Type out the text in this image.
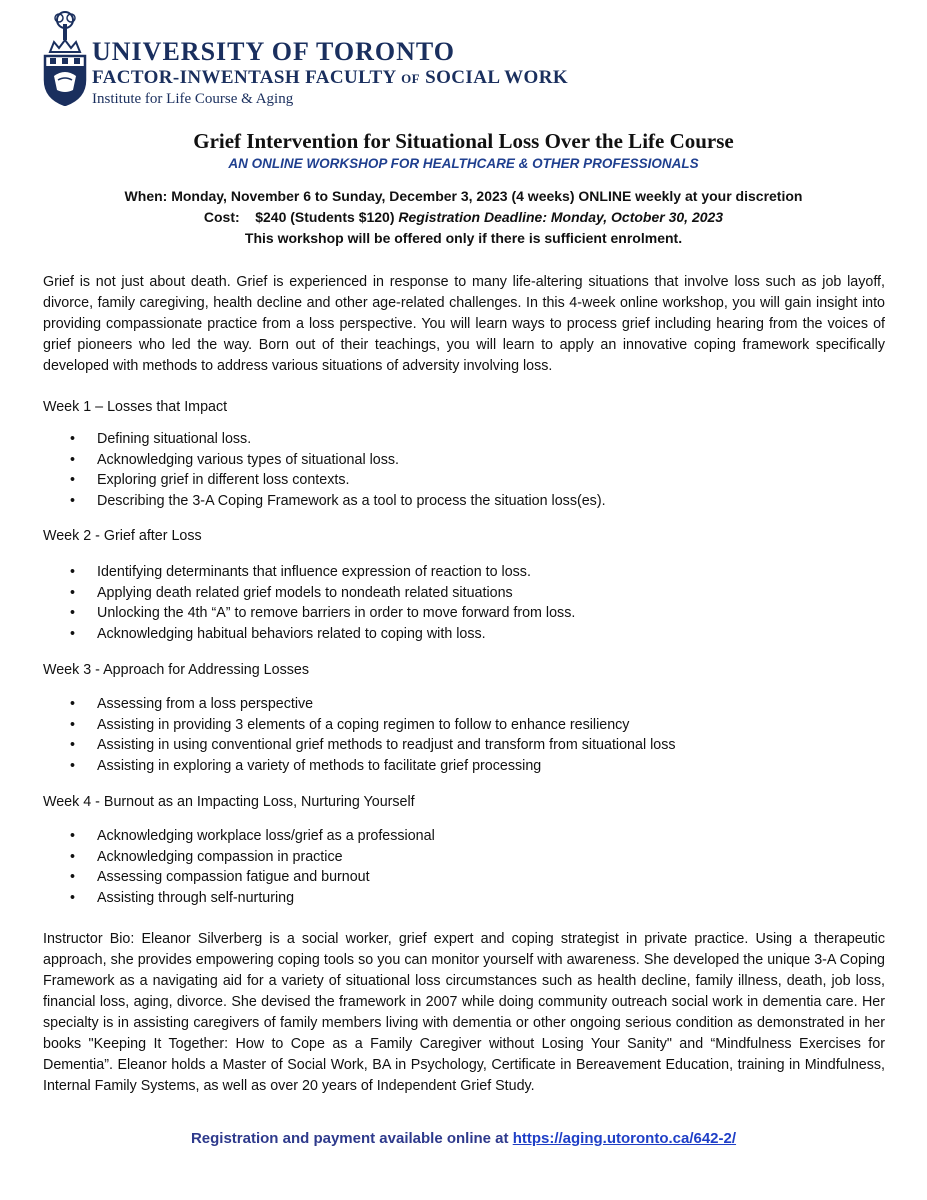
UNIVERSITY OF TORONTO
FACTOR-INWENTASH FACULTY OF SOCIAL WORK
Institute for Life Course & Aging
Grief Intervention for Situational Loss Over the Life Course
AN ONLINE WORKSHOP FOR HEALTHCARE & OTHER PROFESSIONALS
When: Monday, November 6 to Sunday, December 3, 2023 (4 weeks) ONLINE weekly at your discretion
Cost:    $240 (Students $120) Registration Deadline: Monday, October 30, 2023
This workshop will be offered only if there is sufficient enrolment.
Grief is not just about death. Grief is experienced in response to many life-altering situations that involve loss such as job layoff, divorce, family caregiving, health decline and other age-related challenges. In this 4-week online workshop, you will gain insight into providing compassionate practice from a loss perspective. You will learn ways to process grief including hearing from the voices of grief pioneers who led the way. Born out of their teachings, you will learn to apply an innovative coping framework specifically developed with methods to address various situations of adversity involving loss.
Week 1 – Losses that Impact
• Defining situational loss.
• Acknowledging various types of situational loss.
• Exploring grief in different loss contexts.
• Describing the 3-A Coping Framework as a tool to process the situation loss(es).
Week 2 - Grief after Loss
• Identifying determinants that influence expression of reaction to loss.
• Applying death related grief models to nondeath related situations
• Unlocking the 4th “A” to remove barriers in order to move forward from loss.
• Acknowledging habitual behaviors related to coping with loss.
Week 3 - Approach for Addressing Losses
• Assessing from a loss perspective
• Assisting in providing 3 elements of a coping regimen to follow to enhance resiliency
• Assisting in using conventional grief methods to readjust and transform from situational loss
• Assisting in exploring a variety of methods to facilitate grief processing
Week 4 - Burnout as an Impacting Loss, Nurturing Yourself
• Acknowledging workplace loss/grief as a professional
• Acknowledging compassion in practice
• Assessing compassion fatigue and burnout
• Assisting through self-nurturing
Instructor Bio: Eleanor Silverberg is a social worker, grief expert and coping strategist in private practice. Using a therapeutic approach, she provides empowering coping tools so you can monitor yourself with awareness. She developed the unique 3-A Coping Framework as a navigating aid for a variety of situational loss circumstances such as health decline, family illness, death, job loss, financial loss, aging, divorce. She devised the framework in 2007 while doing community outreach social work in dementia care. Her specialty is in assisting caregivers of family members living with dementia or other ongoing serious condition as demonstrated in her books "Keeping It Together: How to Cope as a Family Caregiver without Losing Your Sanity" and “Mindfulness Exercises for Dementia”. Eleanor holds a Master of Social Work, BA in Psychology, Certificate in Bereavement Education, training in Mindfulness, Internal Family Systems, as well as over 20 years of Independent Grief Study.
Registration and payment available online at https://aging.utoronto.ca/642-2/
